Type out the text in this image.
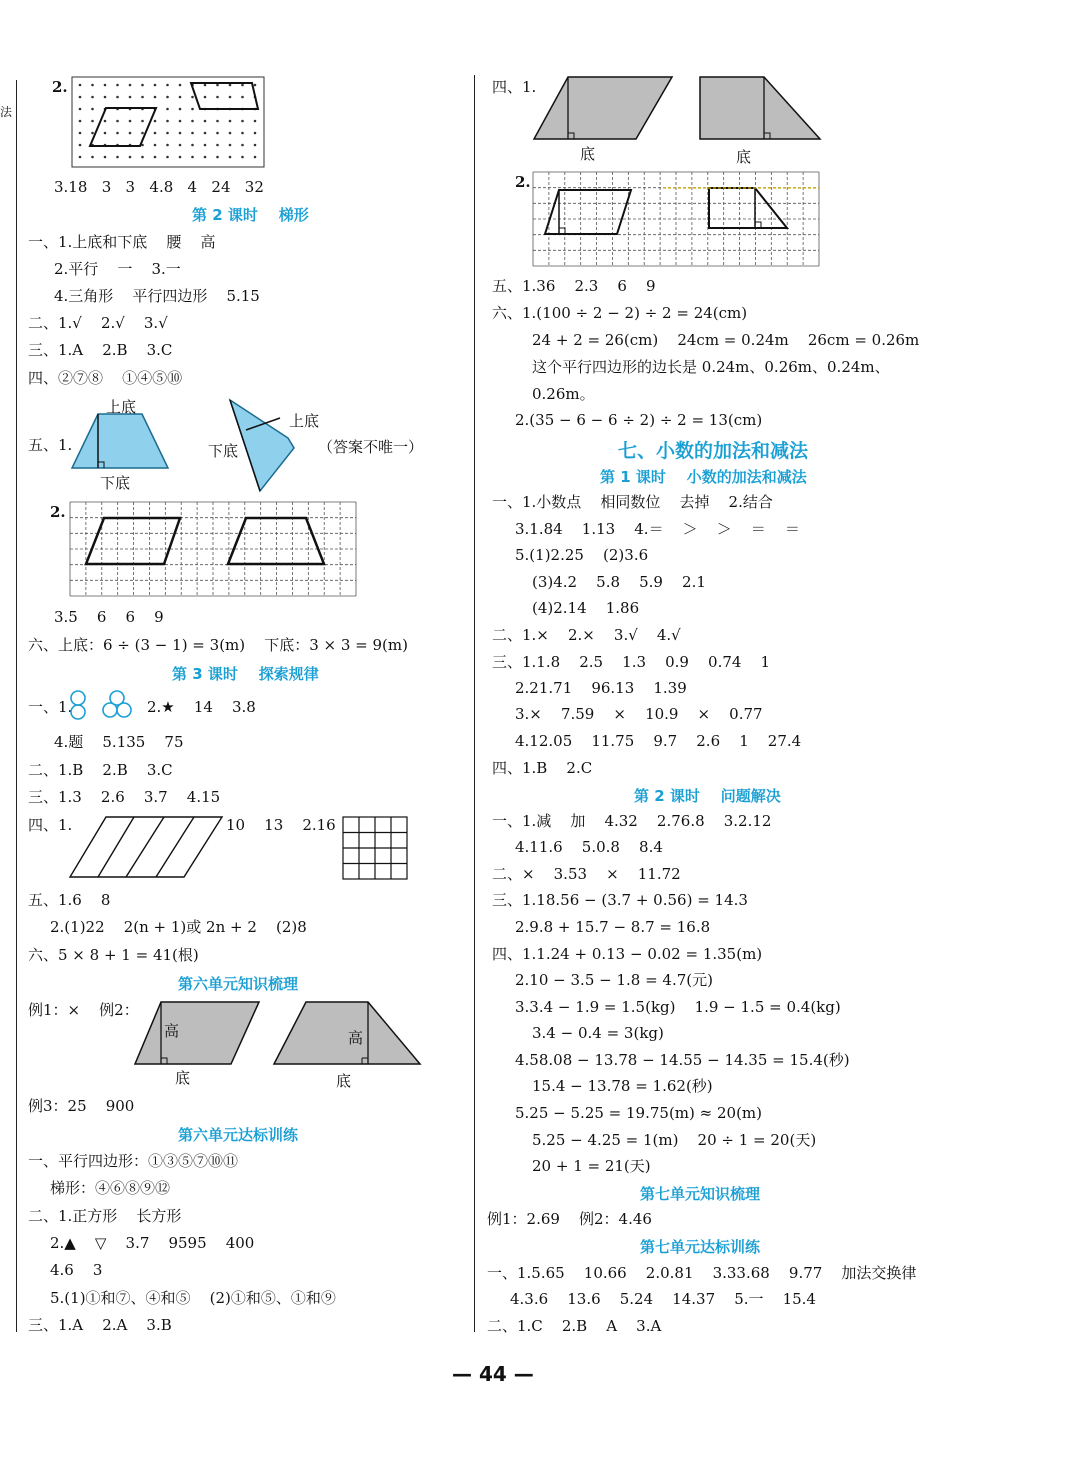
法
2.
3.18   3   3   4.8   4   24   32
第 2 课时    梯形
一、1.上底和下底    腰    高
2.平行    一    3.一
4.三角形    平行四边形    5.15
二、1.√    2.√    3.√
三、1.A    2.B    3.C
四、②⑦⑧    ①④⑤⑩
五、1.
上底
下底
上底
下底	（答案不唯一）
2.
3.5    6    6    9
六、上底：6 ÷ (3 − 1) = 3(m)    下底：3 × 3 = 9(m)
第 3 课时    探索规律
一、1.	2.★    14    3.8
4.题    5.135    75
二、1.B    2.B    3.C
三、1.3    2.6    3.7    4.15
四、1.	10    13    2.16
五、1.6    8
2.(1)22    2(n + 1)或 2n + 2    (2)8
六、5 × 8 + 1 = 41(根)
第六单元知识梳理
例1：×    例2：
高
底
高
底
例3：25    900
第六单元达标训练
一、平行四边形：①③⑤⑦⑩⑪
梯形：④⑥⑧⑨⑫
二、1.正方形    长方形
2.▲    ▽    3.7    9595    400
4.6    3
5.(1)①和⑦、④和⑤    (2)①和⑤、①和⑨
三、1.A    2.A    3.B
四、1.
底	底
2.
五、1.36    2.3    6    9
六、1.(100 ÷ 2 − 2) ÷ 2 = 24(cm)
24 + 2 = 26(cm)    24cm = 0.24m    26cm = 0.26m
这个平行四边形的边长是 0.24m、0.26m、0.24m、
0.26m。
2.(35 − 6 − 6 ÷ 2) ÷ 2 = 13(cm)
七、小数的加法和减法
第 1 课时    小数的加法和减法
一、1.小数点    相同数位    去掉    2.结合
3.1.84    1.13    4.＝    ＞    ＞    ＝    ＝
5.(1)2.25    (2)3.6
(3)4.2    5.8    5.9    2.1
(4)2.14    1.86
二、1.×    2.×    3.√    4.√
三、1.1.8    2.5    1.3    0.9    0.74    1
2.21.71    96.13    1.39
3.×    7.59    ×    10.9    ×    0.77
4.12.05    11.75    9.7    2.6    1    27.4
四、1.B    2.C
第 2 课时    问题解决
一、1.减    加    4.32    2.76.8    3.2.12
4.11.6    5.0.8    8.4
二、×    3.53    ×    11.72
三、1.18.56 − (3.7 + 0.56) = 14.3
2.9.8 + 15.7 − 8.7 = 16.8
四、1.1.24 + 0.13 − 0.02 = 1.35(m)
2.10 − 3.5 − 1.8 = 4.7(元)
3.3.4 − 1.9 = 1.5(kg)    1.9 − 1.5 = 0.4(kg)
3.4 − 0.4 = 3(kg)
4.58.08 − 13.78 − 14.55 − 14.35 = 15.4(秒)
15.4 − 13.78 = 1.62(秒)
5.25 − 5.25 = 19.75(m) ≈ 20(m)
5.25 − 4.25 = 1(m)    20 ÷ 1 = 20(天)
20 + 1 = 21(天)
第七单元知识梳理
例1：2.69    例2：4.46
第七单元达标训练
一、1.5.65    10.66    2.0.81    3.33.68    9.77    加法交换律
4.3.6    13.6    5.24    14.37    5.一    15.4
二、1.C    2.B    A    3.A
— 44 —
